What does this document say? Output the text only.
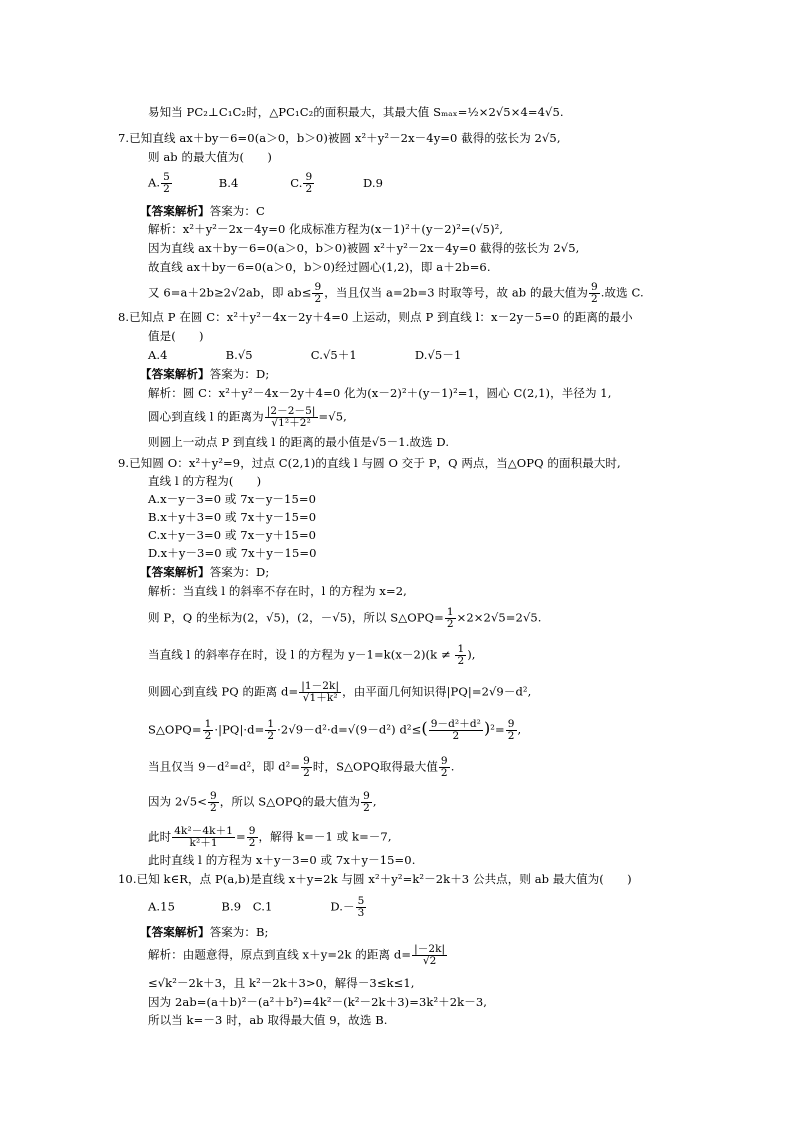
易知当 PC₂⊥C₁C₂时，△PC₁C₂的面积最大，其最大值 Sₘₐₓ=½×2√5×4=4√5.
7.已知直线 ax＋by－6=0(a＞0，b＞0)被圆 x²＋y²－2x－4y=0 截得的弦长为 2√5,
则 ab 的最大值为(　　)
A. $\frac{5}{2}$	B.4	C. $\frac{9}{2}$	D.9
【答案解析】答案为：C
解析：x²＋y²－2x－4y=0 化成标准方程为(x－1)²＋(y－2)²=(√5)²,
因为直线 ax＋by－6=0(a＞0，b＞0)被圆 x²＋y²－2x－4y=0 截得的弦长为 2√5,
故直线 ax＋by－6=0(a＞0，b＞0)经过圆心(1,2)，即 a＋2b=6.
又 6=a＋2b≥2√2ab，即 $ab\le \frac{9}{2}$ ，当且仅当 a=2b=3 时取等号，故 ab 的最大值为 $\frac{9}{2}$ .故选 C.
8.已知点 P 在圆 C：x²＋y²－4x－2y＋4=0 上运动，则点 P 到直线 l：x－2y－5=0 的距离的最小
值是(　　)
A.4　　　　　B.√5　　　　　C.√5＋1　　　　　D.√5－1
【答案解析】答案为：D;
解析：圆 C：x²＋y²－4x－2y＋4=0 化为(x－2)²＋(y－1)²=1，圆心 C(2,1)，半径为 1,
圆心到直线 l 的距离为 $\frac{|2-2-5|}{\text{√1²＋2²}} =√5$,
则圆上一动点 P 到直线 l 的距离的最小值是√5－1.故选 D.
9.已知圆 O：x²＋y²=9，过点 C(2,1)的直线 l 与圆 O 交于 P，Q 两点，当△OPQ 的面积最大时,
直线 l 的方程为(　　)
A.x－y－3=0 或 7x－y－15=0
B.x＋y＋3=0 或 7x＋y－15=0
C.x＋y－3=0 或 7x－y＋15=0
D.x＋y－3=0 或 7x＋y－15=0
【答案解析】答案为：D;
解析：当直线 l 的斜率不存在时，l 的方程为 x=2,
则 P，Q 的坐标为(2，√5)，(2，－√5)，所以 S△OPQ= $\frac{1}{2} \times 2\times 2√5=2√5$.
当直线 l 的斜率存在时，设 l 的方程为 $y-1=k(x-2)(k \ne \frac{1}{2}$ ),
则圆心到直线 PQ 的距离 $d= \frac{|1-2k|}{\text{√1＋k²}}$ ，由平面几何知识得|PQ|=2√9－d²,
S△OPQ= $\frac{1}{2} \cdot|PQ|\cdot d= \frac{1}{2} \cdot 2√9-d^2\cdot d=√(9-d^2)$ $d^2\le( \frac{\text{9－d²＋d²}}{2} )^2= \frac{9}{2}$ ,
当且仅当 9－d²=d²，即 $d^2= \frac{9}{2}$ 时，S△OPQ取得最大值 $\frac{9}{2}$ .
因为 $2√5< \frac{9}{2}$ ，所以 S△OPQ的最大值为 $\frac{9}{2}$ ,
此时 $\frac{\text{4k²－4k＋1}}{\text{k²＋1}} = \frac{9}{2}$ ，解得 k=－1 或 k=－7,
此时直线 l 的方程为 x＋y－3=0 或 7x＋y－15=0.
10.已知 k∈R，点 P(a,b)是直线 x＋y=2k 与圆 x²＋y²=k²－2k＋3 公共点，则 ab 最大值为(　　)
A.15　　　　B.9　C.1　　　　　$D.- \frac{5}{3}$
【答案解析】答案为：B;
解析：由题意得，原点到直线 x＋y=2k 的距离 $d= \frac{|-2k|}{√2}$
≤√k²－2k＋3，且 k²－2k＋3>0，解得－3≤k≤1,
因为 2ab=(a＋b)²－(a²＋b²)=4k²－(k²－2k＋3)=3k²＋2k－3,
所以当 k=－3 时，ab 取得最大值 9，故选 B.
